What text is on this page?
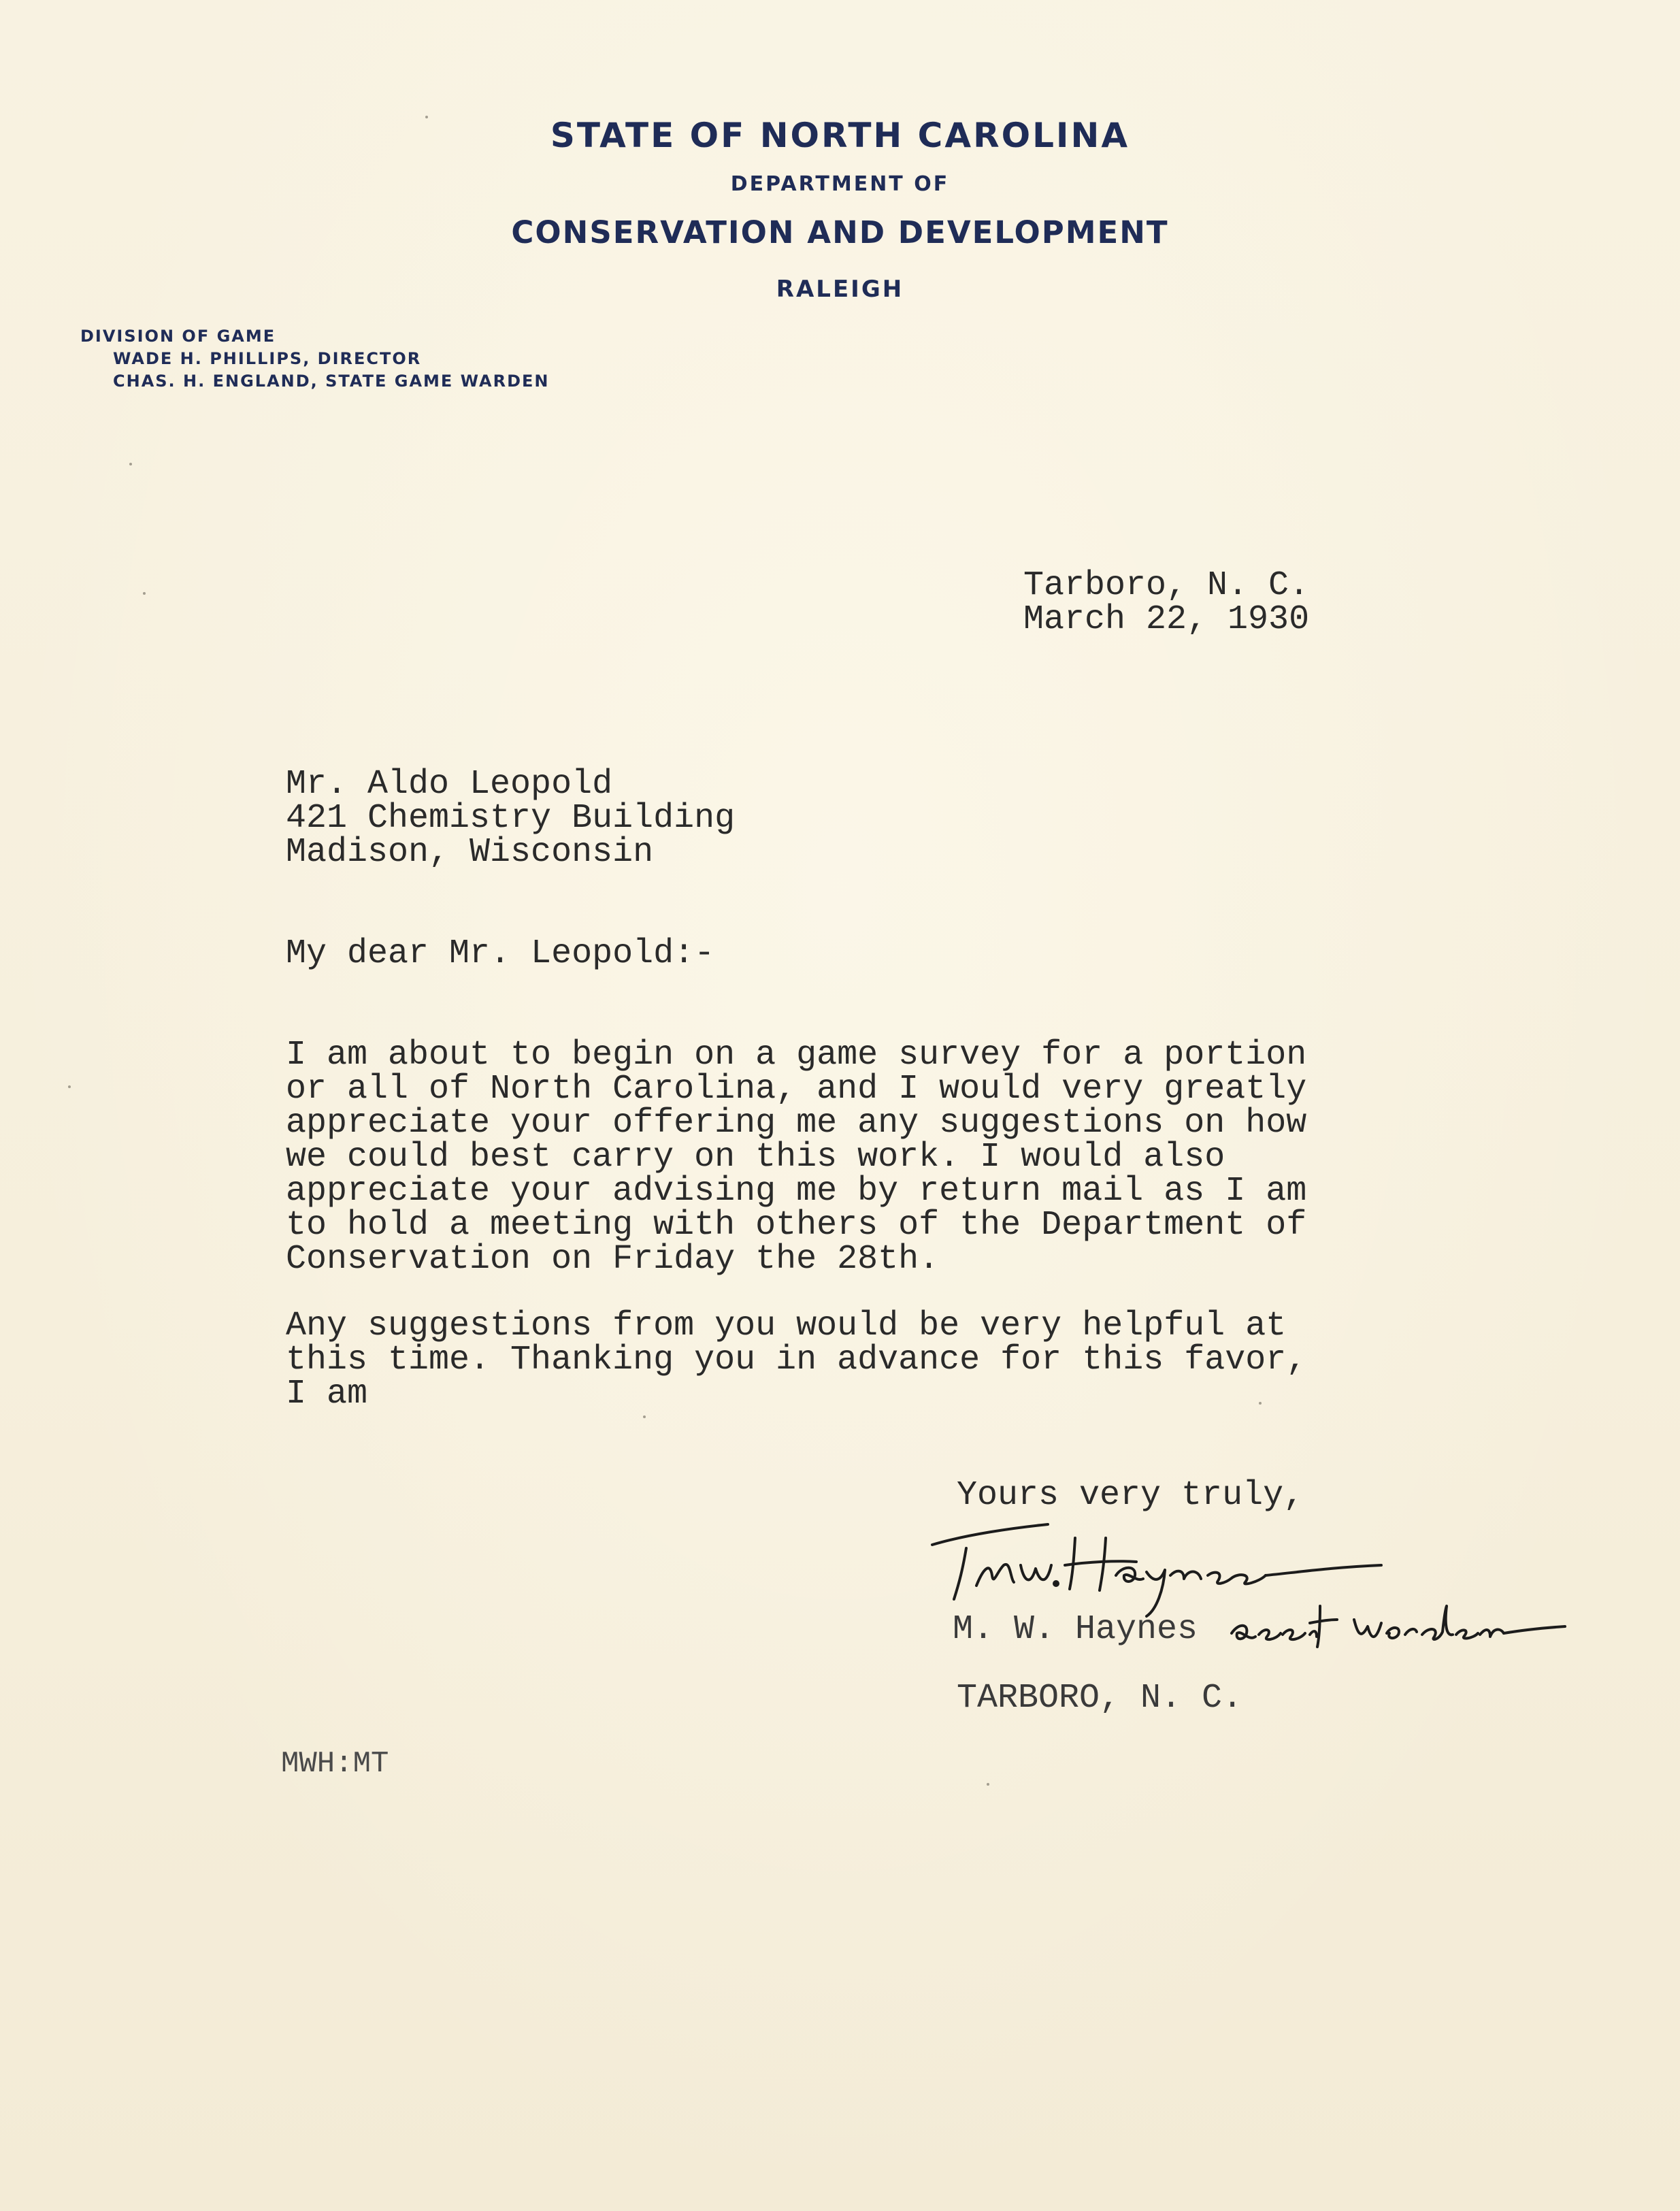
STATE OF NORTH CAROLINA
DEPARTMENT OF
CONSERVATION AND DEVELOPMENT
RALEIGH
DIVISION OF GAME
WADE H. PHILLIPS, DIRECTOR
CHAS. H. ENGLAND, STATE GAME WARDEN
Tarboro, N. C.
March 22, 1930
Mr. Aldo Leopold
421 Chemistry Building
Madison, Wisconsin
My dear Mr. Leopold:-
I am about to begin on a game survey for a portion
or all of North Carolina, and I would very greatly
appreciate your offering me any suggestions on how
we could best carry on this work. I would also
appreciate your advising me by return mail as I am
to hold a meeting with others of the Department of
Conservation on Friday the 28th.
Any suggestions from you would be very helpful at
this time. Thanking you in advance for this favor,
I am
Yours very truly,
M. W. Haynes
TARBORO, N. C.
MWH:MT
